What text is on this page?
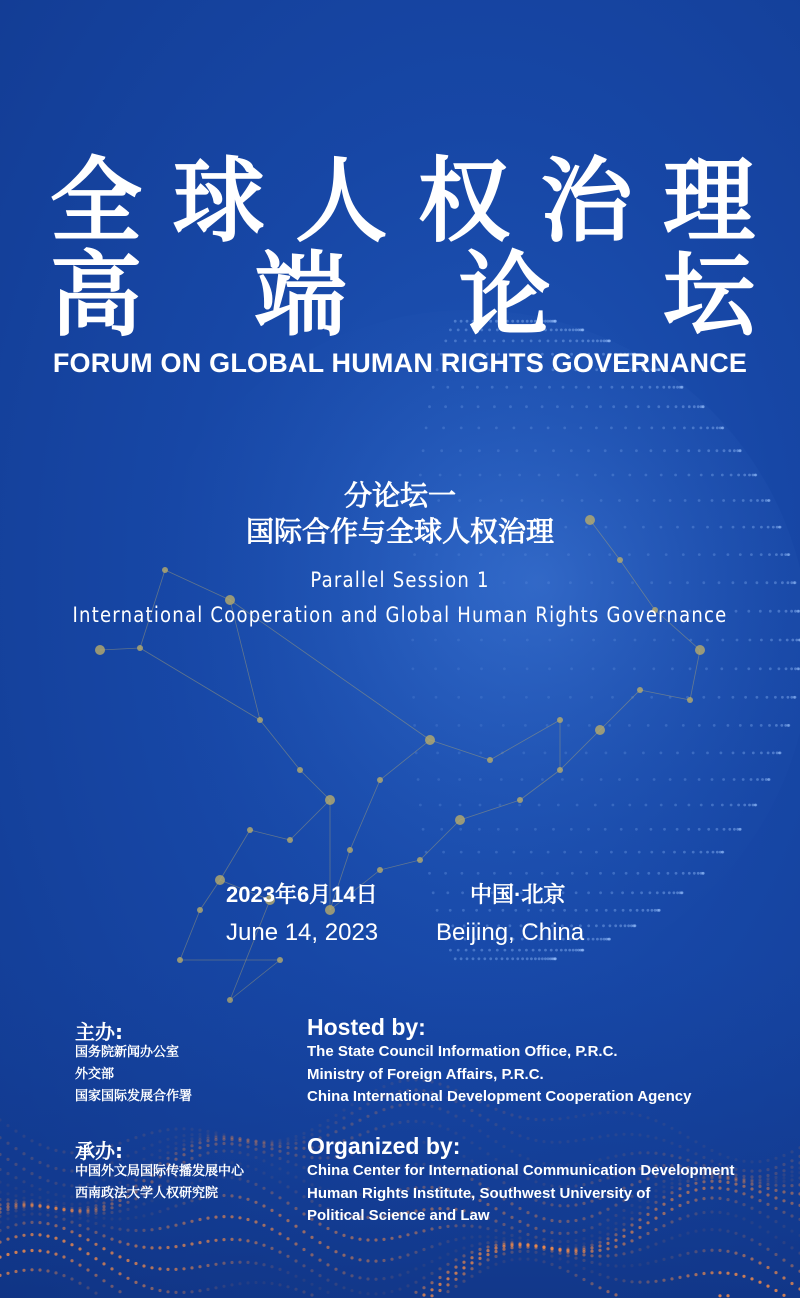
全 球 人 权 治 理
高 端 论 坛
FORUM ON GLOBAL HUMAN RIGHTS GOVERNANCE
分论坛一
国际合作与全球人权治理
Parallel Session 1
International Cooperation and Global Human Rights Governance
2023年6月14日
June 14, 2023
中国·北京
Beijing, China
主办:	Hosted by:
国务院新闻办公室
外交部
国家国际发展合作署
The State Council Information Office, P.R.C.
Ministry of Foreign Affairs, P.R.C.
China International Development Cooperation Agency
承办:	Organized by:
中国外文局国际传播发展中心
西南政法大学人权研究院
China Center for International Communication Development
Human Rights Institute, Southwest University of
Political Science and Law
